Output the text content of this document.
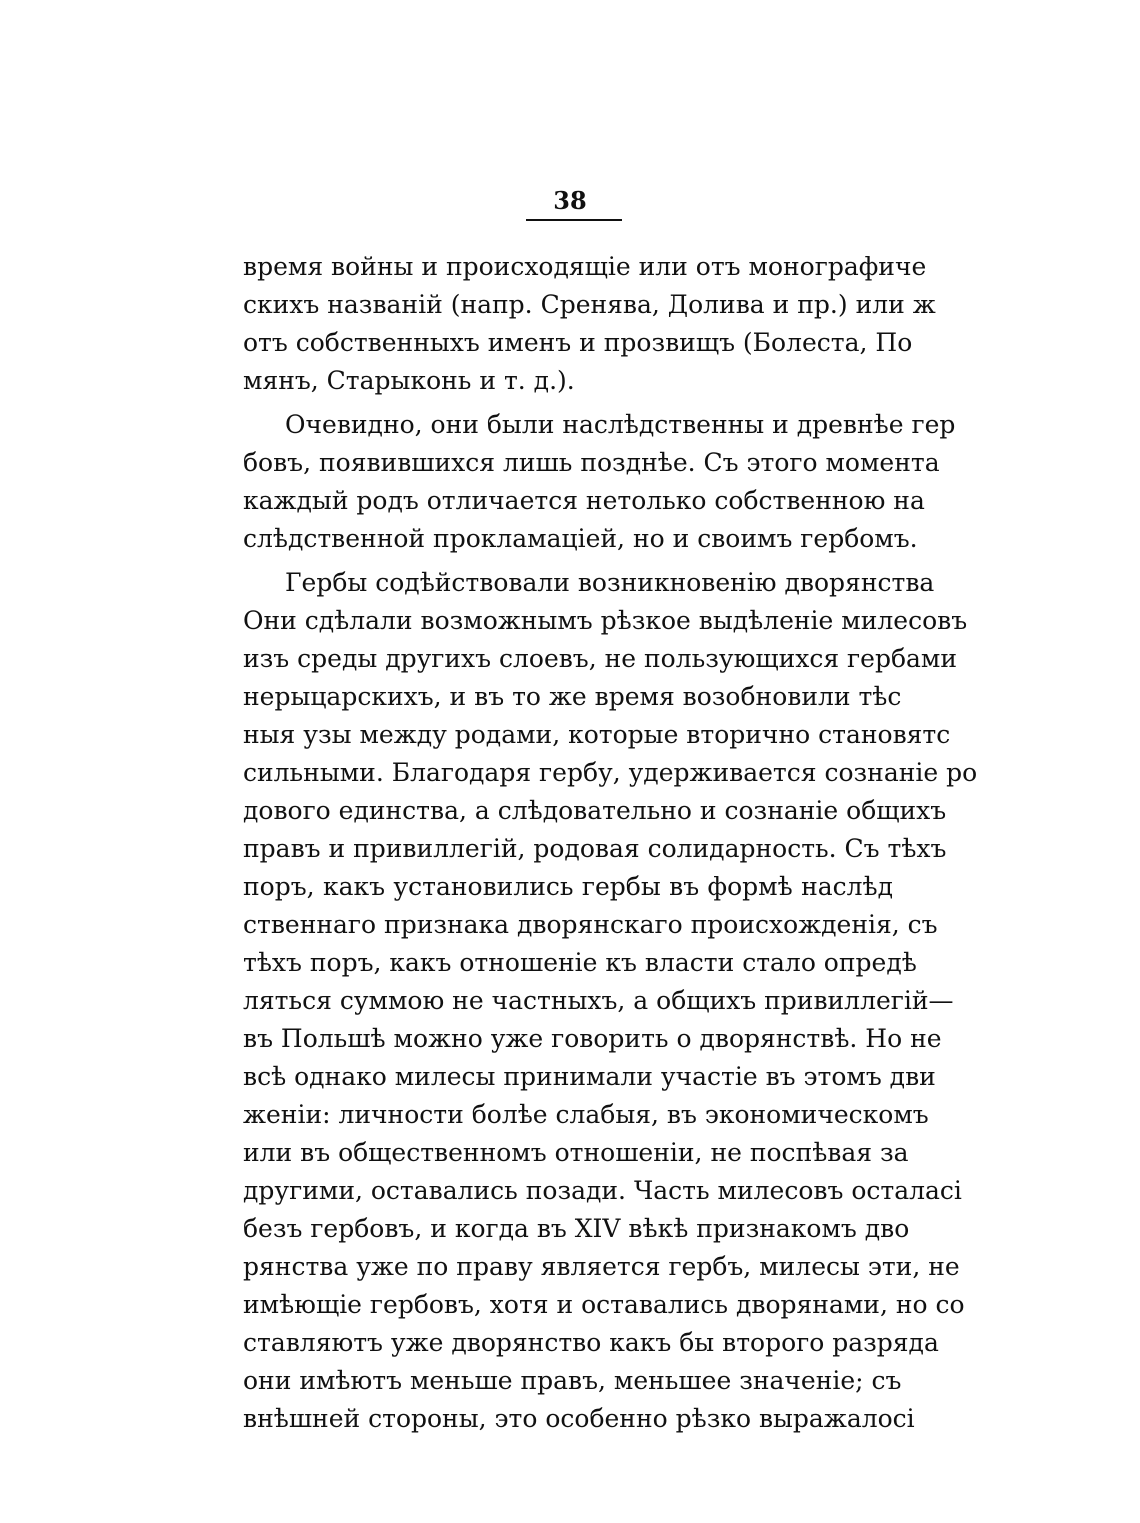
38
время войны и происходящіе или отъ монографиче
скихъ названій (напр. Сренява, Долива и пр.) или ж
отъ собственныхъ именъ и прозвищъ (Болеста, По
мянъ, Старыконь и т. д.).
Очевидно, они были наслѣдственны и древнѣе гер
бовъ, появившихся лишь позднѣе. Съ этого момента
каждый родъ отличается нетолько собственною на
слѣдственной прокламаціей, но и своимъ гербомъ.
Гербы содѣйствовали возникновенію дворянства
Они сдѣлали возможнымъ рѣзкое выдѣленіе милесовъ
изъ среды другихъ слоевъ, не пользующихся гербами
нерыцарскихъ, и въ то же время возобновили тѣс
ныя узы между родами, которые вторично становятс
сильными. Благодаря гербу, удерживается сознаніе ро
дового единства, а слѣдовательно и сознаніе общихъ
правъ и привиллегій, родовая солидарность. Съ тѣхъ
поръ, какъ установились гербы въ формѣ наслѣд
ственнаго признака дворянскаго происхожденія, съ
тѣхъ поръ, какъ отношеніе къ власти стало опредѣ
ляться суммою не частныхъ, а общихъ привиллегій—
въ Польшѣ можно уже говорить о дворянствѣ. Но не
всѣ однако милесы принимали участіе въ этомъ дви
женіи: личности болѣе слабыя, въ экономическомъ
или въ общественномъ отношеніи, не поспѣвая за
другими, оставались позади. Часть милесовъ осталасі
безъ гербовъ, и когда въ XIV вѣкѣ признакомъ дво
рянства уже по праву является гербъ, милесы эти, не
имѣющіе гербовъ, хотя и оставались дворянами, но со
ставляютъ уже дворянство какъ бы второго разряда
они имѣютъ меньше правъ, меньшее значеніе; съ
внѣшней стороны, это особенно рѣзко выражалосі
